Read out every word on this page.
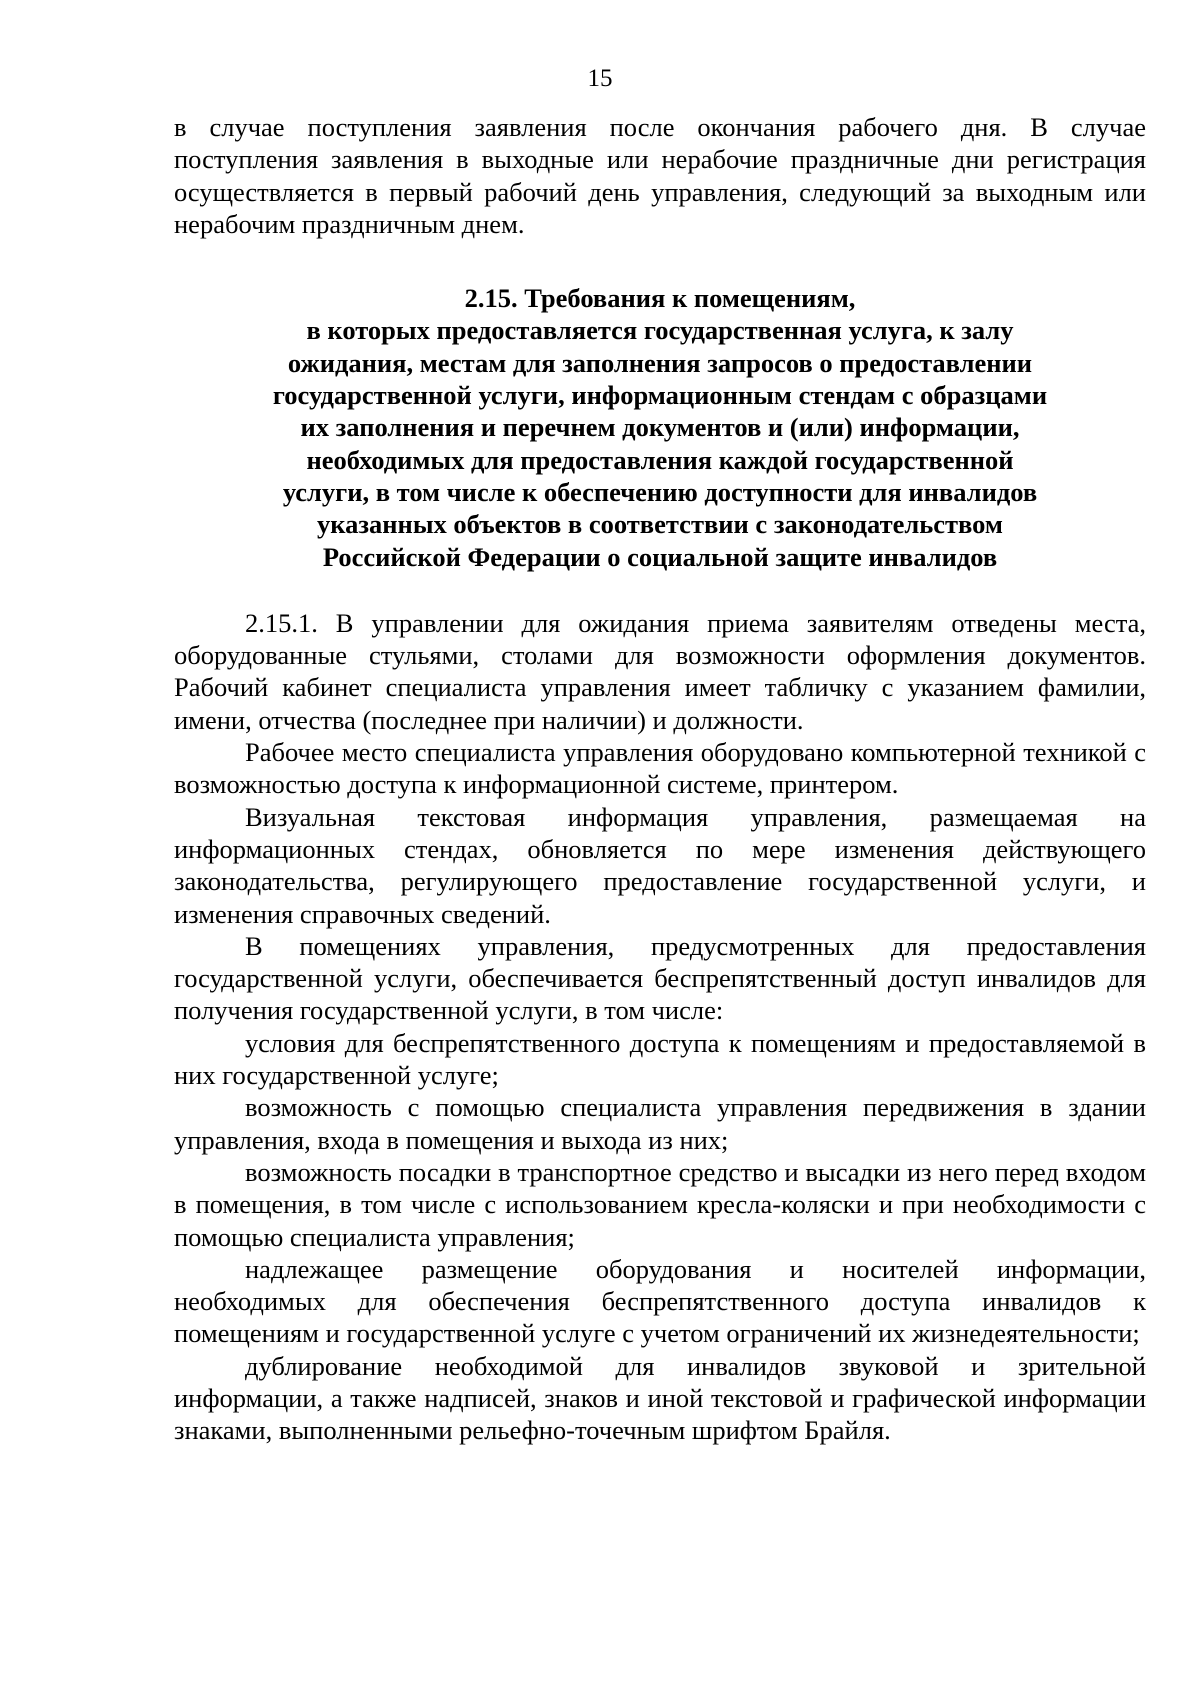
15

в случае поступления заявления после окончания рабочего дня. В случае поступления заявления в выходные или нерабочие праздничные дни регистрация осуществляется в первый рабочий день управления, следующий за выходным или нерабочим праздничным днем.

2.15. Требования к помещениям,
в которых предоставляется государственная услуга, к залу
ожидания, местам для заполнения запросов о предоставлении
государственной услуги, информационным стендам с образцами
их заполнения и перечнем документов и (или) информации,
необходимых для предоставления каждой государственной
услуги, в том числе к обеспечению доступности для инвалидов
указанных объектов в соответствии с законодательством
Российской Федерации о социальной защите инвалидов

2.15.1. В управлении для ожидания приема заявителям отведены места, оборудованные стульями, столами для возможности оформления документов. Рабочий кабинет специалиста управления имеет табличку с указанием фамилии, имени, отчества (последнее при наличии) и должности.

Рабочее место специалиста управления оборудовано компьютерной техникой с возможностью доступа к информационной системе, принтером.

Визуальная текстовая информация управления, размещаемая на информационных стендах, обновляется по мере изменения действующего законодательства, регулирующего предоставление государственной услуги, и изменения справочных сведений.

В помещениях управления, предусмотренных для предоставления государственной услуги, обеспечивается беспрепятственный доступ инвалидов для получения государственной услуги, в том числе:

условия для беспрепятственного доступа к помещениям и предоставляемой в них государственной услуге;

возможность с помощью специалиста управления передвижения в здании управления, входа в помещения и выхода из них;

возможность посадки в транспортное средство и высадки из него перед входом в помещения, в том числе с использованием кресла-коляски и при необходимости с помощью специалиста управления;

надлежащее размещение оборудования и носителей информации, необходимых для обеспечения беспрепятственного доступа инвалидов к помещениям и государственной услуге с учетом ограничений их жизнедеятельности;

дублирование необходимой для инвалидов звуковой и зрительной информации, а также надписей, знаков и иной текстовой и графической информации знаками, выполненными рельефно-точечным шрифтом Брайля.
